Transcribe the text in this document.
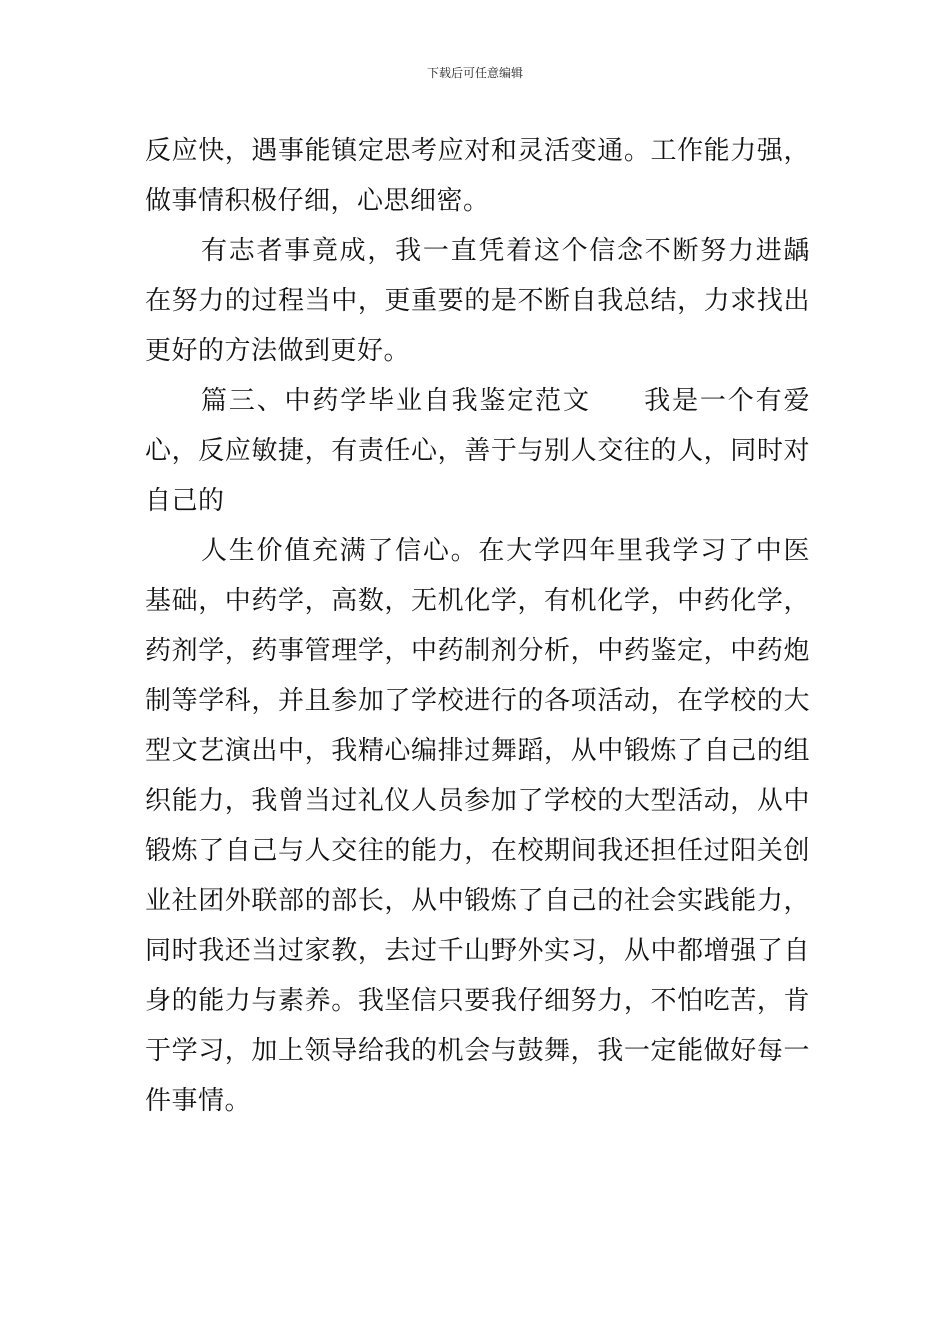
下载后可任意编辑

反应快，遇事能镇定思考应对和灵活变通。工作能力强，做事情积极仔细，心思细密。

有志者事竟成，我一直凭着这个信念不断努力进龋在努力的过程当中，更重要的是不断自我总结，力求找出更好的方法做到更好。

篇三、中药学毕业自我鉴定范文 我是一个有爱心，反应敏捷，有责任心，善于与别人交往的人，同时对自己的

人生价值充满了信心。在大学四年里我学习了中医基础，中药学，高数，无机化学，有机化学，中药化学，药剂学，药事管理学，中药制剂分析，中药鉴定，中药炮制等学科，并且参加了学校进行的各项活动，在学校的大型文艺演出中，我精心编排过舞蹈，从中锻炼了自己的组织能力，我曾当过礼仪人员参加了学校的大型活动，从中锻炼了自己与人交往的能力，在校期间我还担任过阳关创业社团外联部的部长，从中锻炼了自己的社会实践能力，同时我还当过家教，去过千山野外实习，从中都增强了自身的能力与素养。我坚信只要我仔细努力，不怕吃苦，肯于学习，加上领导给我的机会与鼓舞，我一定能做好每一件事情。
